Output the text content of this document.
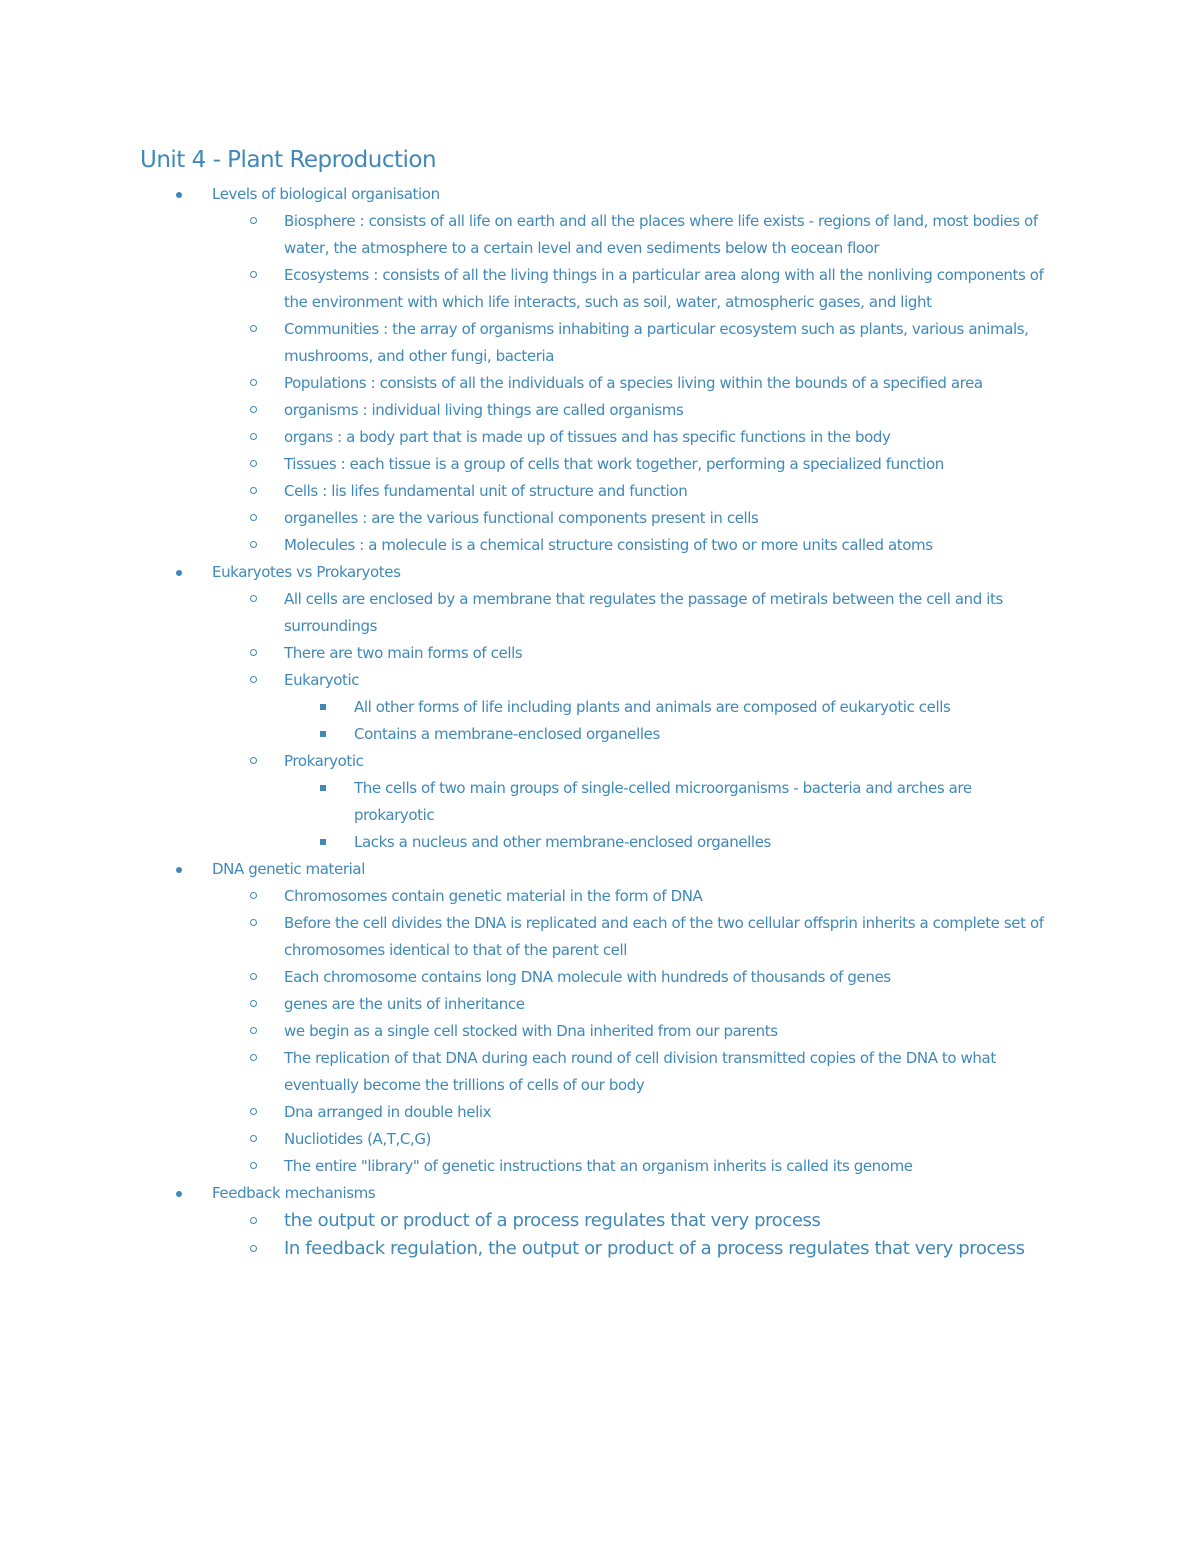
Unit 4 - Plant Reproduction
Levels of biological organisation
Biosphere : consists of all life on earth and all the places where life exists - regions of land, most bodies of water, the atmosphere to a certain level and even sediments below th eocean floor
Ecosystems : consists of all the living things in a particular area along with all the nonliving components of the environment with which life interacts, such as soil, water, atmospheric gases, and light
Communities : the array of organisms inhabiting a particular ecosystem such as plants, various animals, mushrooms, and other fungi, bacteria
Populations : consists of all the individuals of a species living within the bounds of a specified area
organisms : individual living things are called organisms
organs : a body part that is made up of tissues and has specific functions in the body
Tissues : each tissue is a group of cells that work together, performing a specialized function
Cells : lis lifes fundamental unit of structure and function
organelles : are the various functional components present in cells
Molecules : a molecule is a chemical structure consisting of two or more units called atoms
Eukaryotes vs Prokaryotes
All cells are enclosed by a membrane that regulates the passage of metirals between the cell and its surroundings
There are two main forms of cells
Eukaryotic
All other forms of life including plants and animals are composed of eukaryotic cells
Contains a membrane-enclosed organelles
Prokaryotic
The cells of two main groups of single-celled microorganisms - bacteria and arches are prokaryotic
Lacks a nucleus and other membrane-enclosed organelles
DNA genetic material
Chromosomes contain genetic material in the form of DNA
Before the cell divides the DNA is replicated and each of the two cellular offsprin inherits a complete set of chromosomes identical to that of the parent cell
Each chromosome contains long DNA molecule with hundreds of thousands of genes
genes are the units of inheritance
we begin as a single cell stocked with Dna inherited from our parents
The replication of that DNA during each round of cell division transmitted copies of the DNA to what eventually become the trillions of cells of our body
Dna arranged in double helix
Nucliotides (A,T,C,G)
The entire "library" of genetic instructions that an organism inherits is called its genome
Feedback mechanisms
the output or product of a process regulates that very process
In feedback regulation, the output or product of a process regulates that very process
